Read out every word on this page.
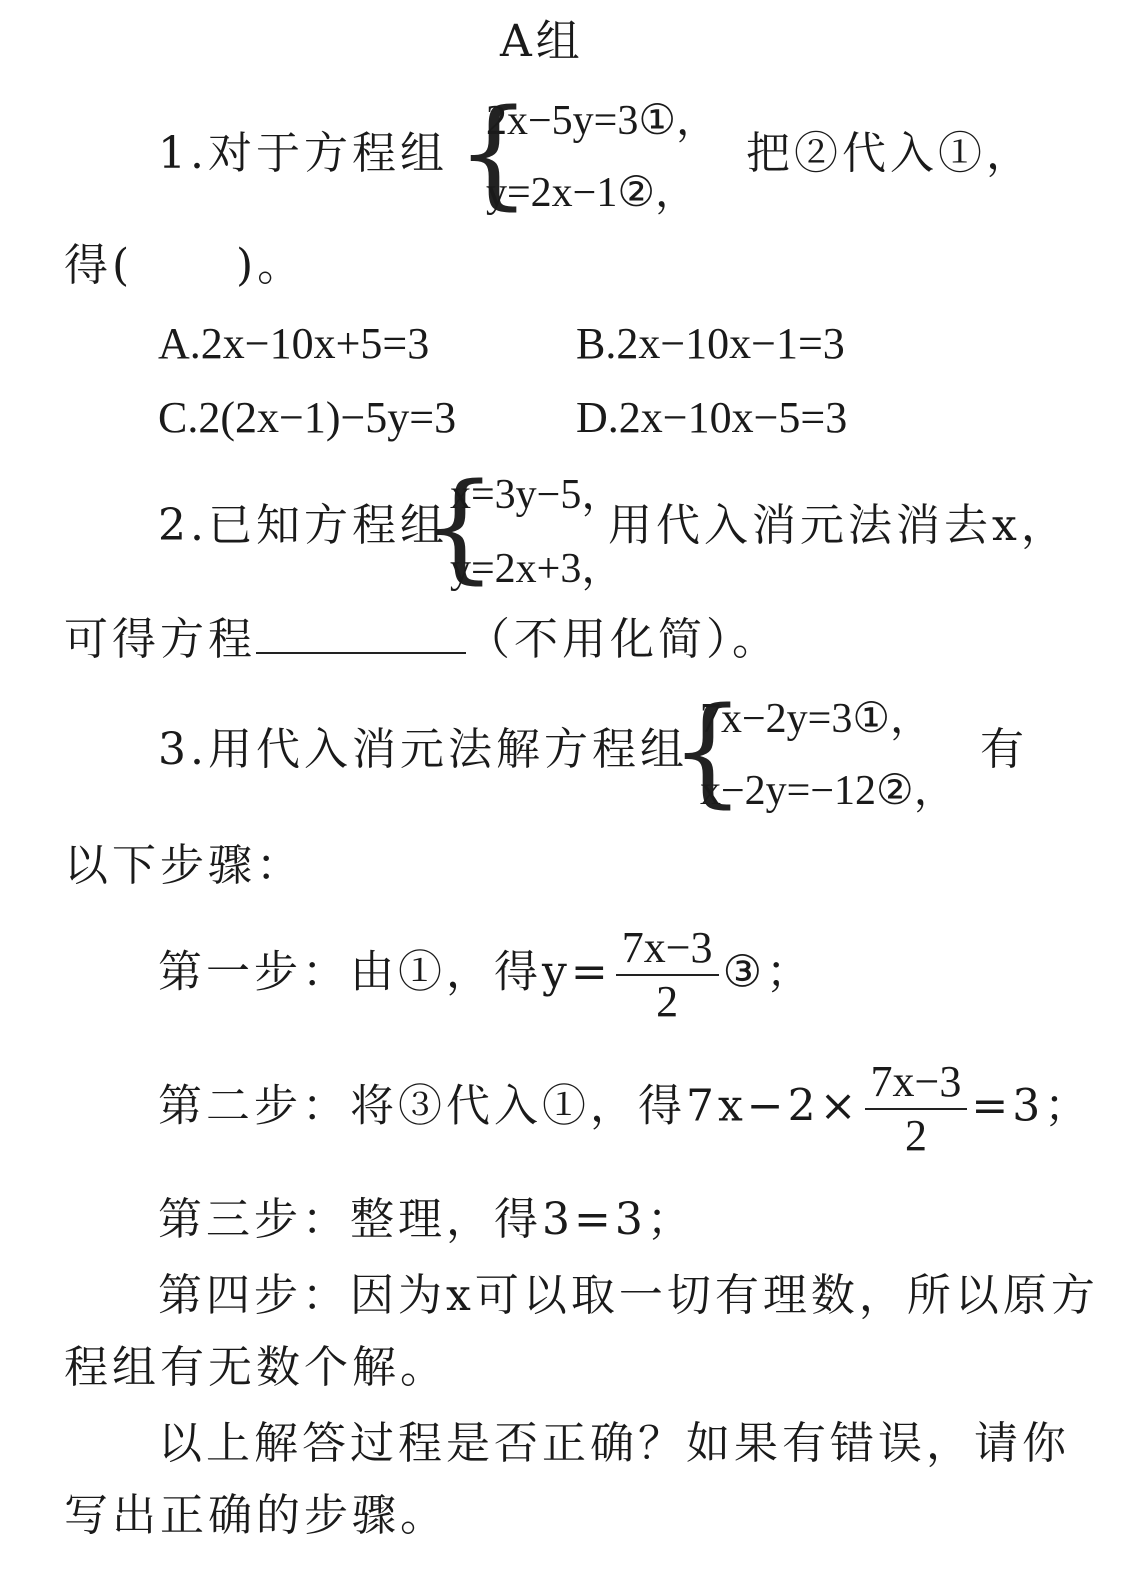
A组
1.对于方程组 {
2x−5y=3①，
y=2x−1②，
把②代入①，
得( )。
A.2x−10x+5=3	B.2x−10x−1=3
C.2(2x−1)−5y=3	D.2x−10x−5=3
2.已知方程组
{
x=3y−5，
y=2x+3，
用代入消元法消去x，
可得方程	（不用化简）。
3.用代入消元法解方程组
{
7x−2y=3①，
x−2y=−12②，
有
以下步骤：
第一步：由①，得$y= \frac{7x-3}{2}$ ③；
第二步：将③代入①，得$7x-2\times \frac{7x-3}{2} =3$；
第三步：整理，得3=3；
第四步：因为x可以取一切有理数，所以原方
程组有无数个解。
以上解答过程是否正确？如果有错误，请你
写出正确的步骤。
